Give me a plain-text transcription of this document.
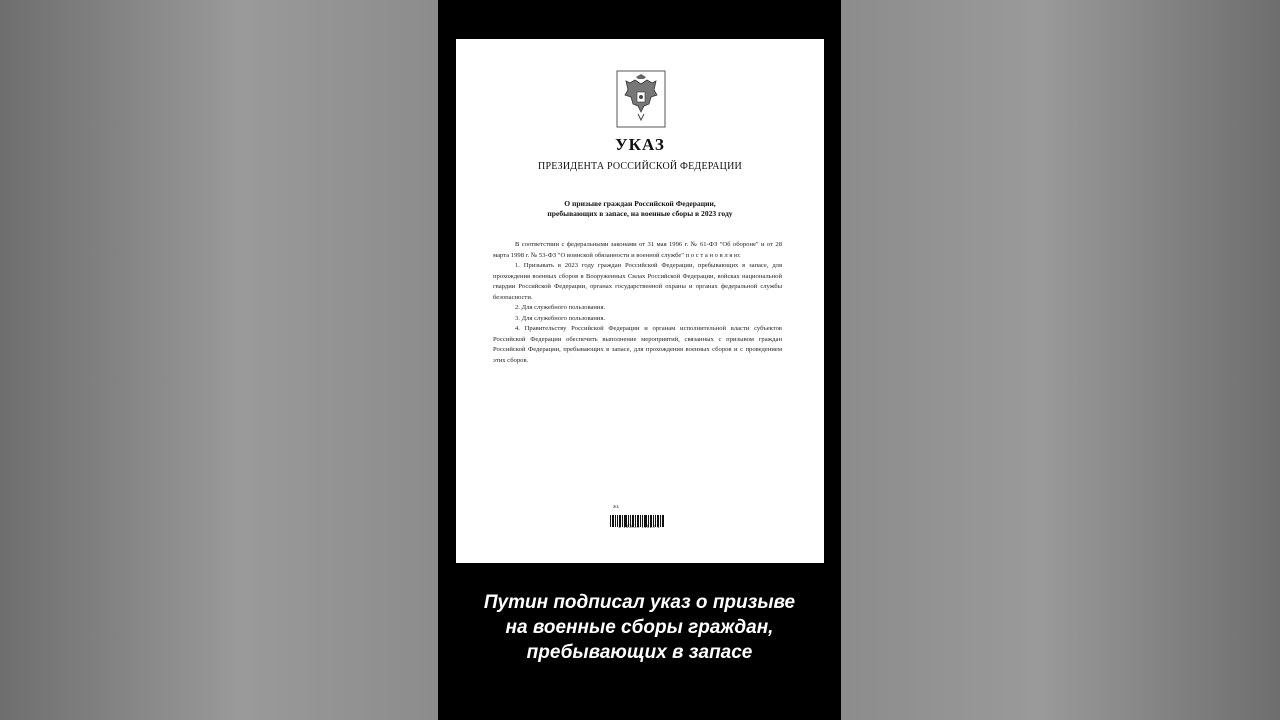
УКАЗ
ПРЕЗИДЕНТА РОССИЙСКОЙ ФЕДЕРАЦИИ
О призыве граждан Российской Федерации,
пребывающих в запасе, на военные сборы в 2023 году

В соответствии с федеральными законами от 31 мая 1996 г. № 61-ФЗ "Об обороне" и от 28 марта 1998 г. № 53-ФЗ "О воинской обязанности и военной службе" п о с т а н о в л я ю:

1. Призывать в 2023 году граждан Российской Федерации, пребывающих в запасе, для прохождения военных сборов в Вооруженных Силах Российской Федерации, войсках национальной гвардии Российской Федерации, органах государственной охраны и органах федеральной службы безопасности.

2. Для служебного пользования.

3. Для служебного пользования.

4. Правительству Российской Федерации и органам исполнительной власти субъектов Российской Федерации обеспечить выполнение мероприятий, связанных с призывом граждан Российской Федерации, пребывающих в запасе, для прохождения военных сборов и с проведением этих сборов.

ЖЬ
2 100036 14623 4
Путин подписал указ о призыве
на военные сборы граждан,
пребывающих в запасе
